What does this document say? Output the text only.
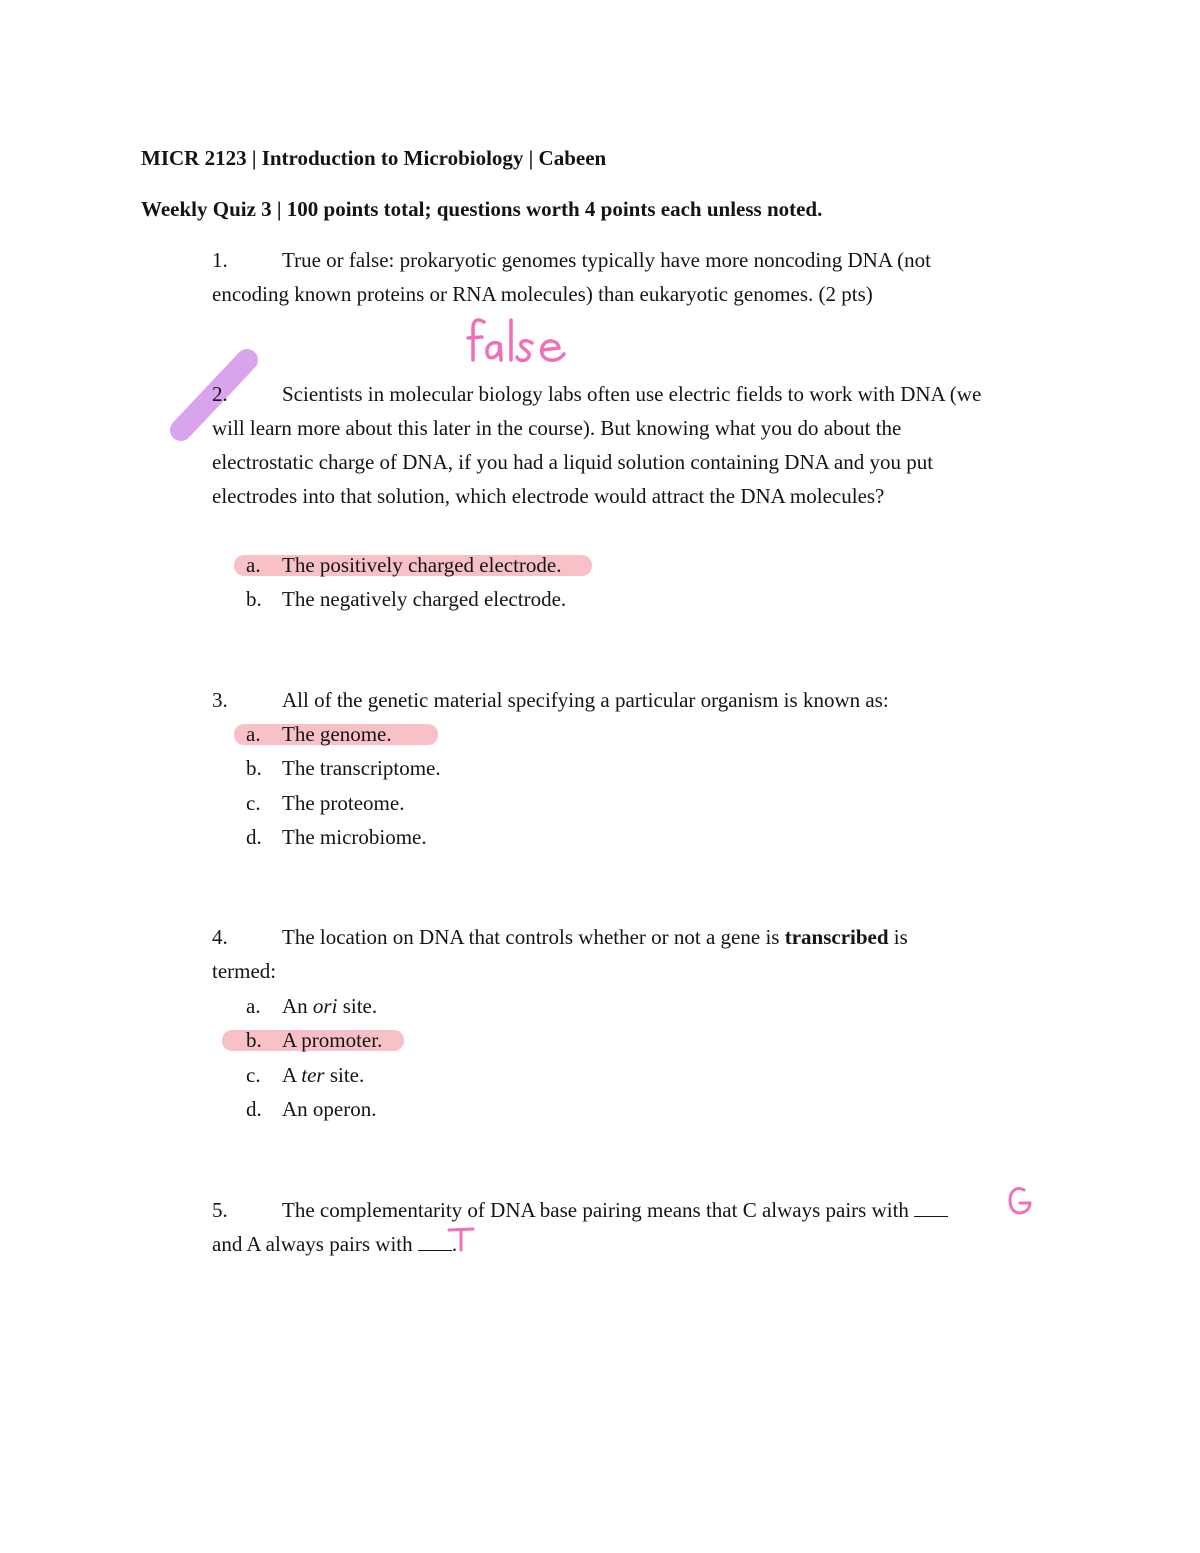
MICR 2123 | Introduction to Microbiology | Cabeen
Weekly Quiz 3 | 100 points total; questions worth 4 points each unless noted.
1.	True or false: prokaryotic genomes typically have more noncoding DNA (not
encoding known proteins or RNA molecules) than eukaryotic genomes. (2 pts)
2.	Scientists in molecular biology labs often use electric fields to work with DNA (we
will learn more about this later in the course). But knowing what you do about the
electrostatic charge of DNA, if you had a liquid solution containing DNA and you put
electrodes into that solution, which electrode would attract the DNA molecules?
a. The positively charged electrode.
b. The negatively charged electrode.
3.	All of the genetic material specifying a particular organism is known as:
a. The genome.
b. The transcriptome.
c. The proteome.
d. The microbiome.
4.	The location on DNA that controls whether or not a gene is transcribed is
termed:
a. An ori site.
b. A promoter.
c. A ter site.
d. An operon.
5.	The complementarity of DNA base pairing means that C always pairs with
and A always pairs with .
